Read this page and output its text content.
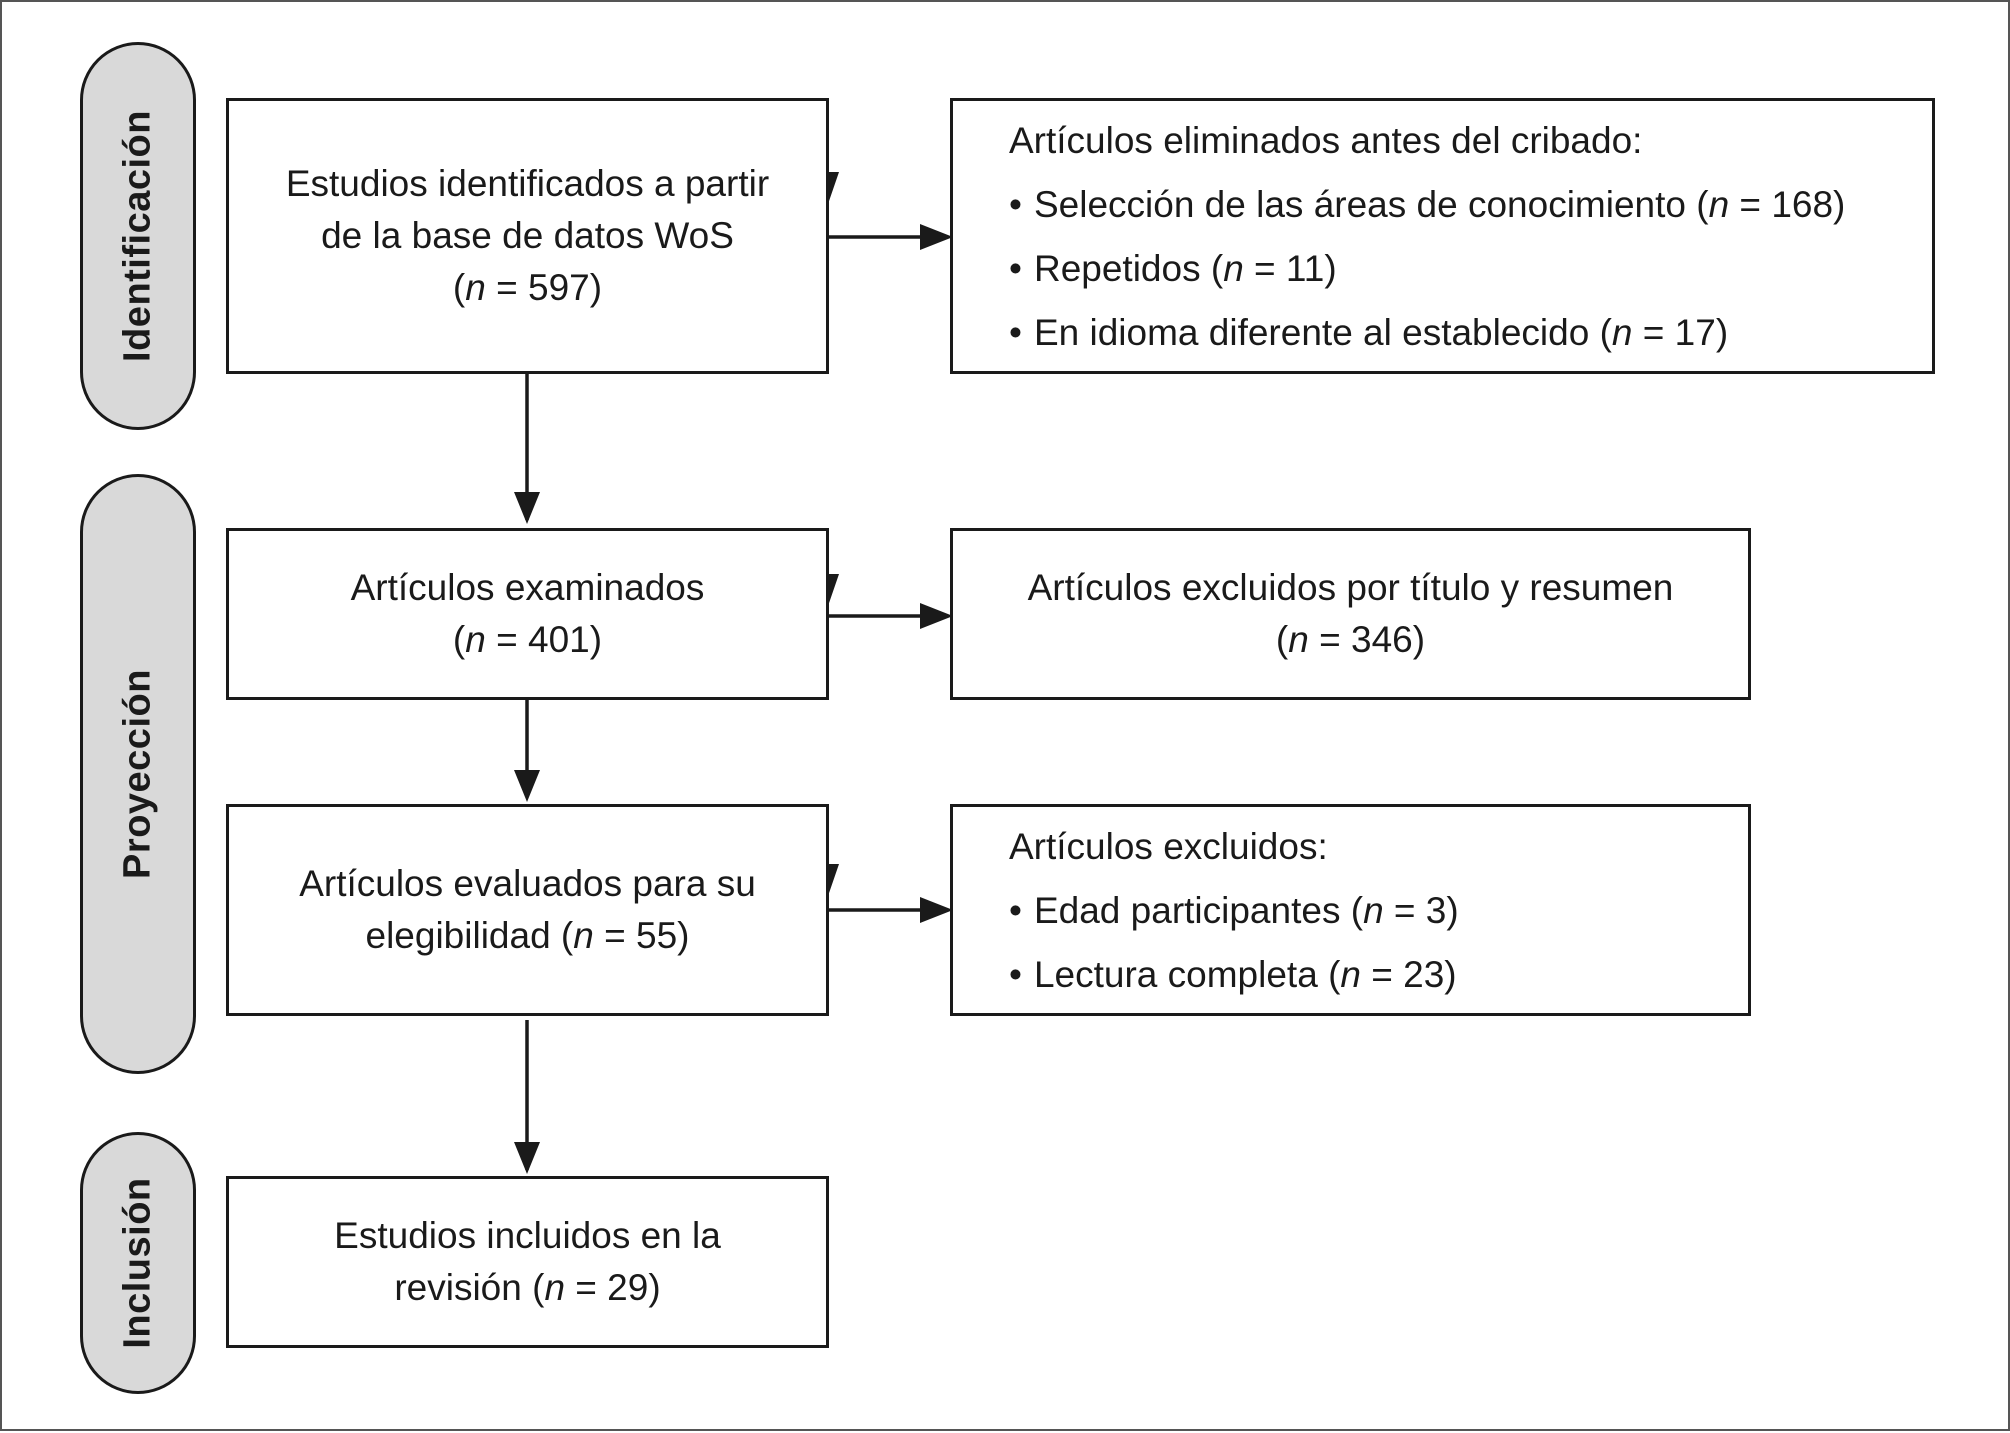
Identificación
Proyección
Inclusión
Estudios identificados a partir
de la base de datos WoS
(n = 597)
Artículos eliminados antes del cribado:
• Selección de las áreas de conocimiento (n = 168)
• Repetidos (n = 11)
• En idioma diferente al establecido (n = 17)
Artículos examinados
(n = 401)
Artículos excluidos por título y resumen
(n = 346)
Artículos evaluados para su
elegibilidad (n = 55)
Artículos excluidos:
• Edad participantes (n = 3)
• Lectura completa (n = 23)
Estudios incluidos en la
revisión (n = 29)
